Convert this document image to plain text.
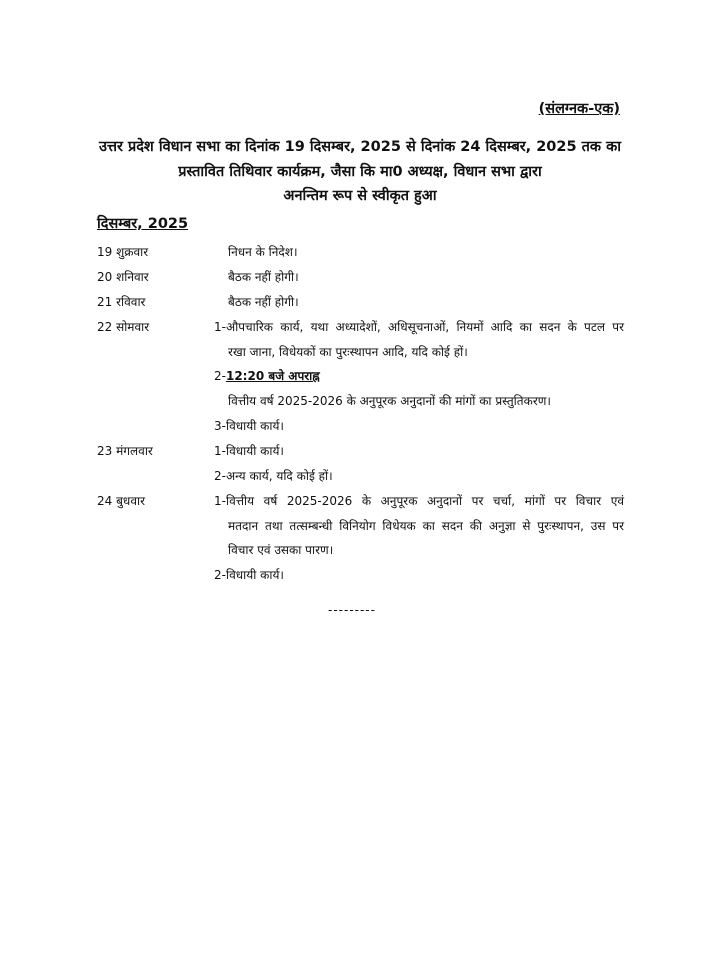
(संलग्नक-एक)
उत्तर प्रदेश विधान सभा का दिनांक 19 दिसम्बर, 2025 से दिनांक 24 दिसम्बर, 2025 तक का
प्रस्तावित तिथिवार कार्यक्रम, जैसा कि मा0 अध्यक्ष, विधान सभा द्वारा
अनन्तिम रूप से स्वीकृत हुआ
दिसम्बर, 2025
19 शुक्रवार	निधन के निदेश।
20 शनिवार	बैठक नहीं होगी।
21 रविवार	बैठक नहीं होगी।
22 सोमवार	1-औपचारिक कार्य, यथा अध्यादेशों, अधिसूचनाओं, नियमों आदि का सदन के पटल पर
रखा जाना, विधेयकों का पुरःस्थापन आदि, यदि कोई हों।
2-12:20 बजे अपराह्न
वित्तीय वर्ष 2025-2026 के अनुपूरक अनुदानों की मांगों का प्रस्तुतिकरण।
3-विधायी कार्य।
23 मंगलवार	1-विधायी कार्य।
2-अन्य कार्य, यदि कोई हों।
24 बुधवार	1-वित्तीय वर्ष 2025-2026 के अनुपूरक अनुदानों पर चर्चा, मांगों पर विचार एवं
मतदान तथा तत्सम्बन्धी विनियोग विधेयक का सदन की अनुज्ञा से पुरःस्थापन, उस पर
विचार एवं उसका पारण।
2-विधायी कार्य।
---------
